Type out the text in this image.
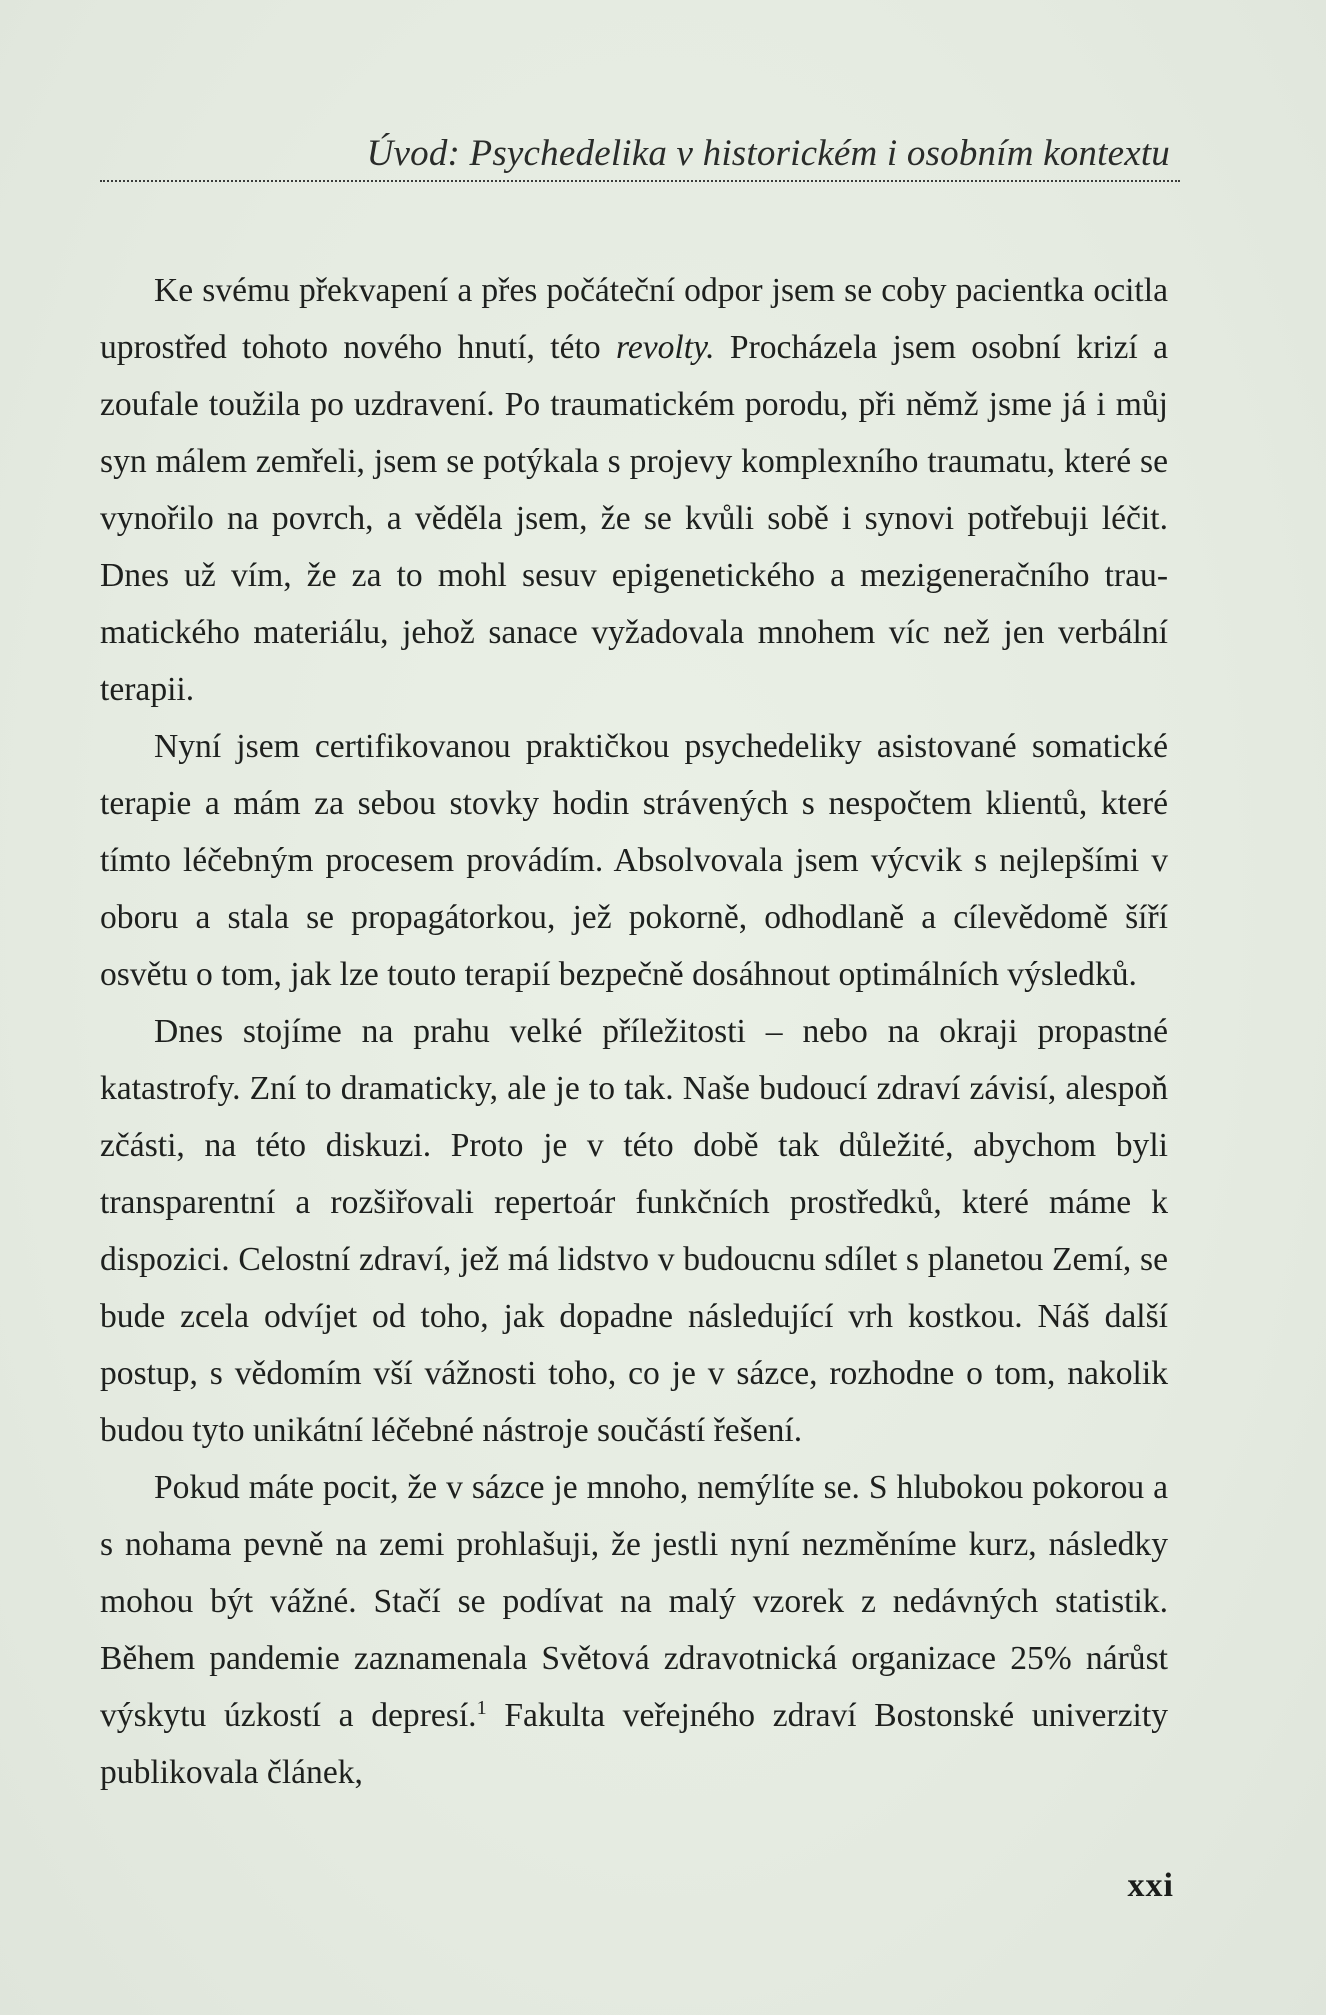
Úvod: Psychedelika v historickém i osobním kontextu

Ke svému překvapení a přes počáteční odpor jsem se coby pacientka ocitla uprostřed tohoto nového hnutí, této revolty. Procházela jsem osobní krizí a zoufale toužila po uzdravení. Po traumatickém porodu, při němž jsme já i můj syn málem zemřeli, jsem se potýkala s projevy komplexního traumatu, které se vynořilo na povrch, a věděla jsem, že se kvůli sobě i synovi potřebuji léčit. Dnes už vím, že za to mohl sesuv epigenetického a mezigeneračního traumatického materiálu, jehož sanace vyžadovala mnohem víc než jen verbální terapii.

Nyní jsem certifikovanou praktičkou psychedeliky asistované somatické terapie a mám za sebou stovky hodin strávených s nespočtem klientů, které tímto léčebným procesem provádím. Absolvovala jsem výcvik s nejlepšími v oboru a stala se propagátorkou, jež pokorně, odhodlaně a cílevědomě šíří osvětu o tom, jak lze touto terapií bezpečně dosáhnout optimálních výsledků.

Dnes stojíme na prahu velké příležitosti – nebo na okraji propastné katastrofy. Zní to dramaticky, ale je to tak. Naše budoucí zdraví závisí, alespoň zčásti, na této diskuzi. Proto je v této době tak důležité, abychom byli transparentní a rozšiřovali repertoár funkčních prostředků, které máme k dispozici. Celostní zdraví, jež má lidstvo v budoucnu sdílet s planetou Zemí, se bude zcela odvíjet od toho, jak dopadne následující vrh kostkou. Náš další postup, s vědomím vší vážnosti toho, co je v sázce, rozhodne o tom, nakolik budou tyto unikátní léčebné nástroje součástí řešení.

Pokud máte pocit, že v sázce je mnoho, nemýlíte se. S hlubokou pokorou a s nohama pevně na zemi prohlašuji, že jestli nyní nezměníme kurz, následky mohou být vážné. Stačí se podívat na malý vzorek z nedávných statistik. Během pandemie zaznamenala Světová zdravotnická organizace 25% nárůst výskytu úzkostí a depresí.$^1$ Fakulta veřejného zdraví Bostonské univerzity publikovala článek,

xxi
